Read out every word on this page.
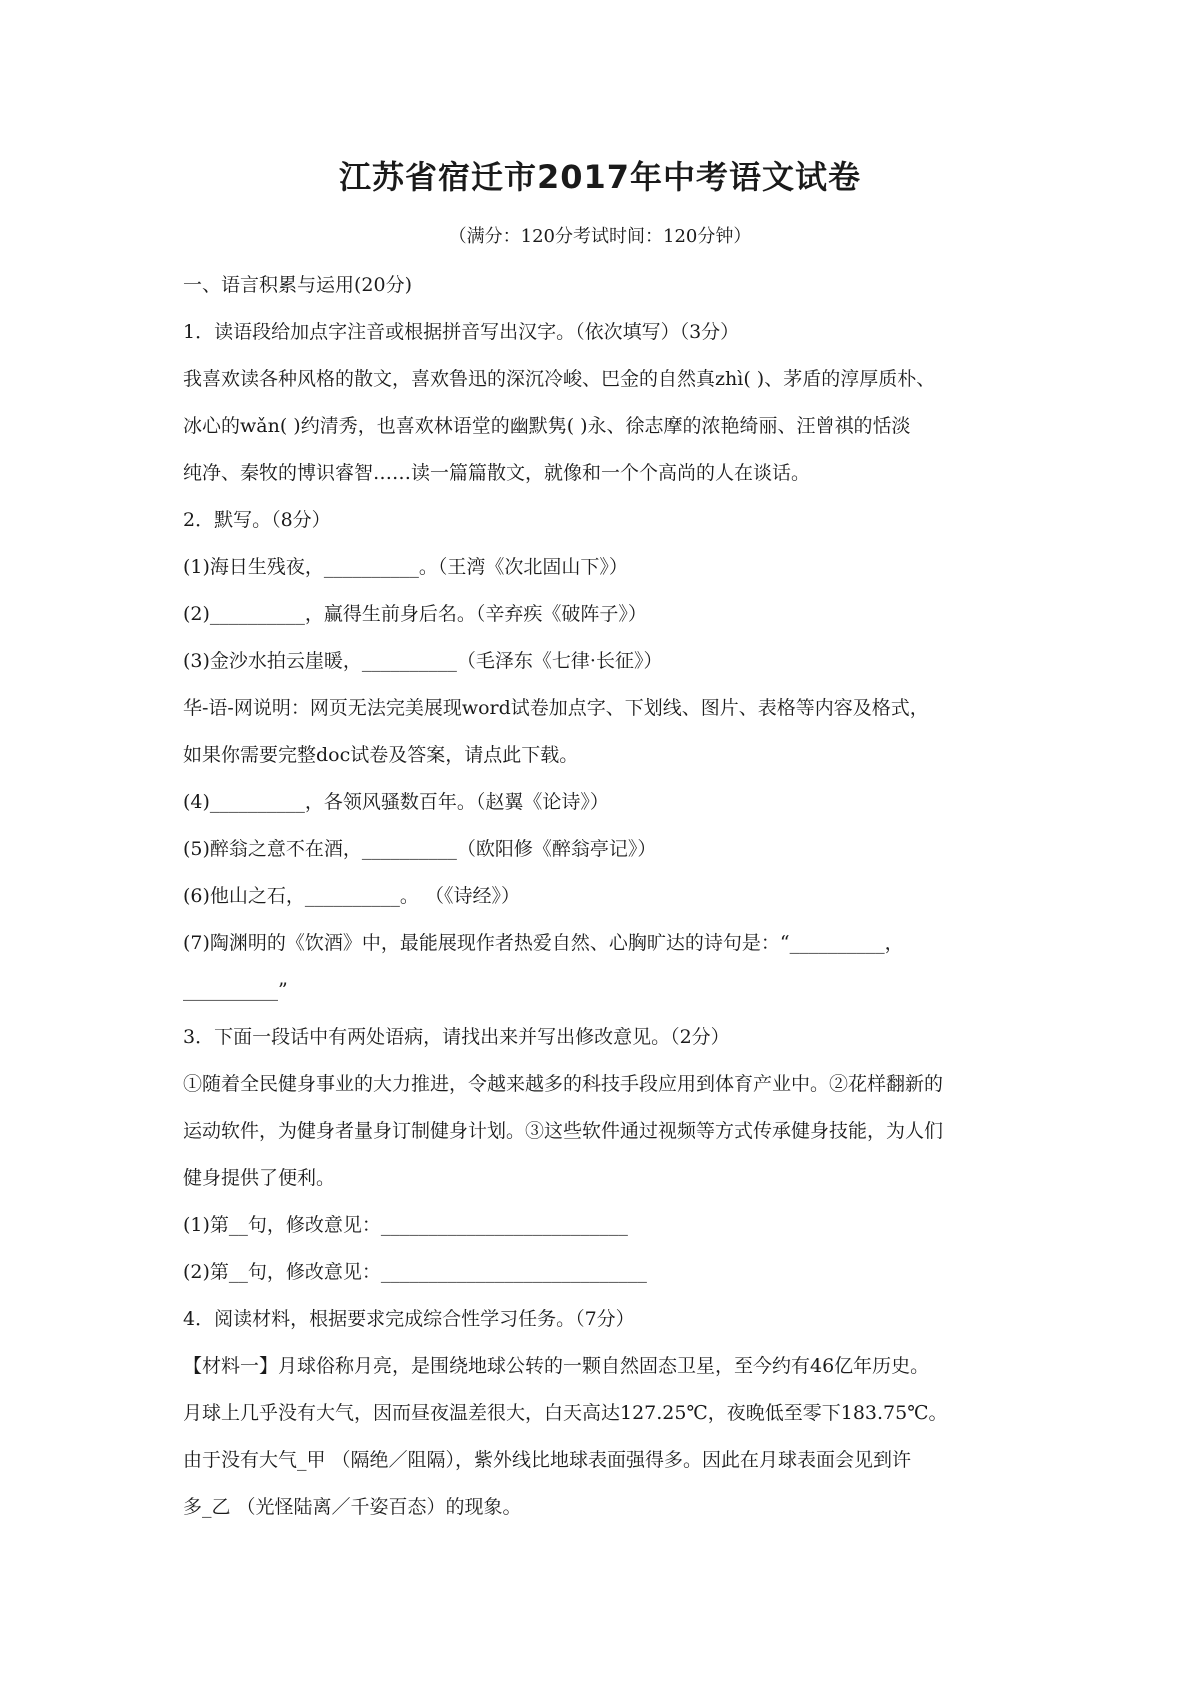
江苏省宿迁市2017年中考语文试卷
（满分：120分考试时间：120分钟）
一、语言积累与运用(20分)
1．读语段给加点字注音或根据拼音写出汉字。（依次填写）（3分）
我喜欢读各种风格的散文，喜欢鲁迅的深沉冷峻、巴金的自然真zhì( )、茅盾的淳厚质朴、
冰心的wǎn( )约清秀，也喜欢林语堂的幽默隽( )永、徐志摩的浓艳绮丽、汪曾祺的恬淡
纯净、秦牧的博识睿智……读一篇篇散文，就像和一个个高尚的人在谈话。
2．默写。（8分）
(1)海日生残夜，__________。（王湾《次北固山下》）
(2)__________，赢得生前身后名。（辛弃疾《破阵子》）
(3)金沙水拍云崖暖，__________（毛泽东《七律·长征》）
华-语-网说明：网页无法完美展现word试卷加点字、下划线、图片、表格等内容及格式，
如果你需要完整doc试卷及答案，请点此下载。
(4)__________，各领风骚数百年。（赵翼《论诗》）
(5)醉翁之意不在酒，__________（欧阳修《醉翁亭记》）
(6)他山之石，__________。 （《诗经》）
(7)陶渊明的《饮酒》中，最能展现作者热爱自然、心胸旷达的诗句是：“__________，
__________”
3．下面一段话中有两处语病，请找出来并写出修改意见。（2分）
①随着全民健身事业的大力推进，令越来越多的科技手段应用到体育产业中。②花样翻新的
运动软件，为健身者量身订制健身计划。③这些软件通过视频等方式传承健身技能，为人们
健身提供了便利。
(1)第__句，修改意见：__________________________
(2)第__句，修改意见：____________________________
4．阅读材料，根据要求完成综合性学习任务。（7分）
【材料一】月球俗称月亮，是围绕地球公转的一颗自然固态卫星，至今约有46亿年历史。
月球上几乎没有大气，因而昼夜温差很大，白天高达127.25℃，夜晚低至零下183.75℃。
由于没有大气_甲 （隔绝／阻隔），紫外线比地球表面强得多。因此在月球表面会见到许
多_乙 （光怪陆离／千姿百态）的现象。
